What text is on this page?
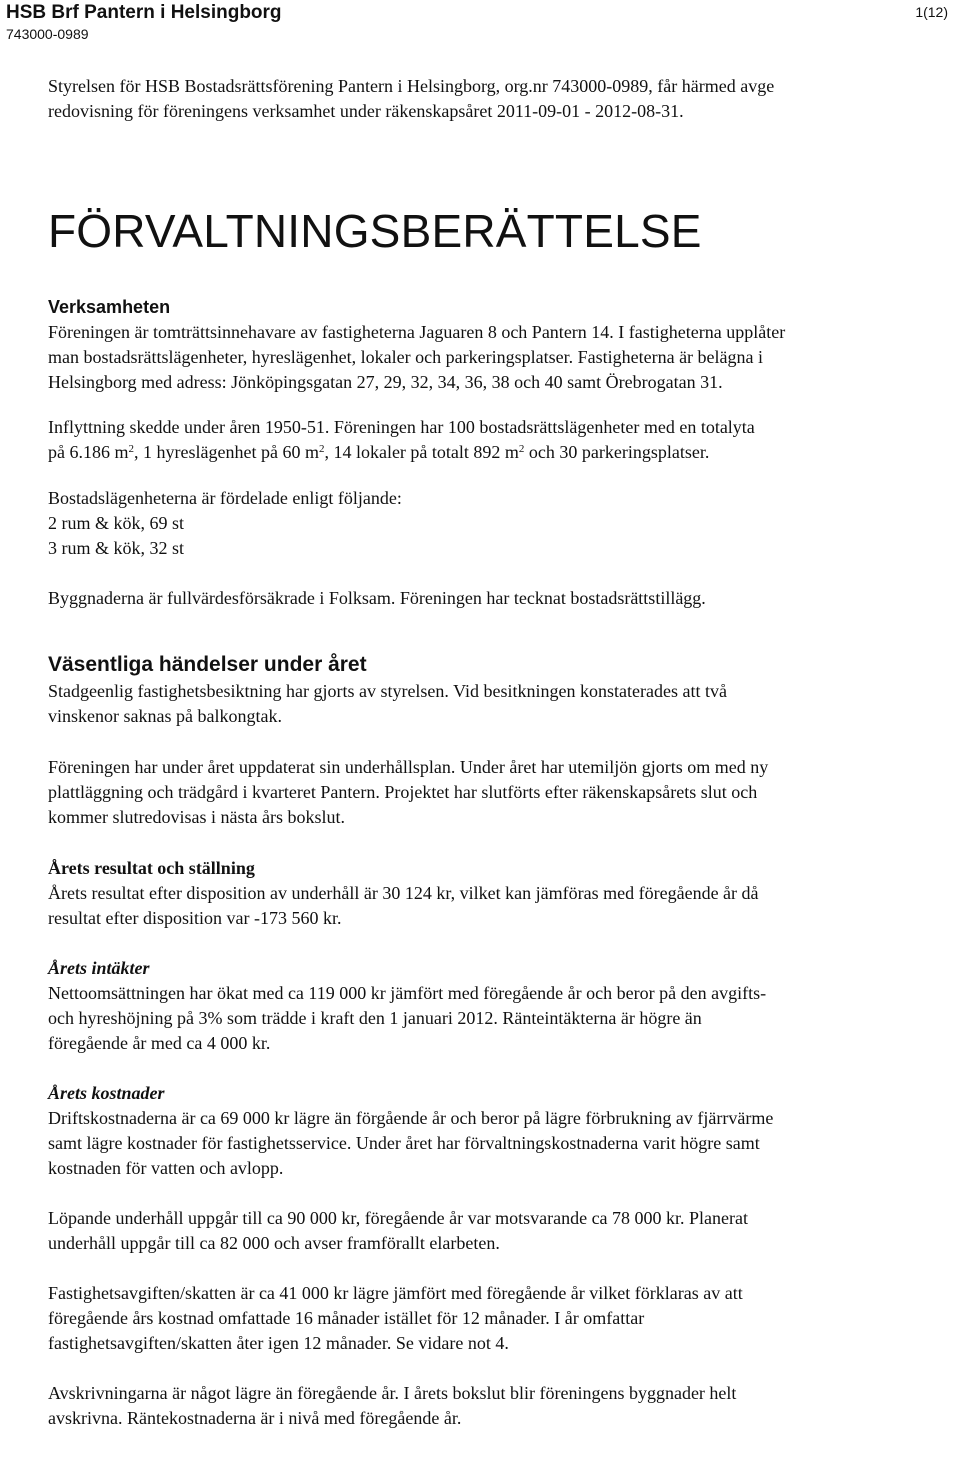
HSB Brf Pantern i Helsingborg
743000-0989
1(12)

Styrelsen för HSB Bostadsrättsförening Pantern i Helsingborg, org.nr 743000-0989, får härmed avge
redovisning för föreningens verksamhet under räkenskapsåret 2011-09-01 - 2012-08-31.

FÖRVALTNINGSBERÄTTELSE
Verksamheten

Föreningen är tomträttsinnehavare av fastigheterna Jaguaren 8 och Pantern 14. I fastigheterna upplåter
man bostadsrättslägenheter, hyreslägenhet, lokaler och parkeringsplatser. Fastigheterna är belägna i
Helsingborg med adress: Jönköpingsgatan 27, 29, 32, 34, 36, 38 och 40 samt Örebrogatan 31.

Inflyttning skedde under åren 1950-51. Föreningen har 100 bostadsrättslägenheter med en totalyta
på 6.186 $m^2$, 1 hyreslägenhet på 60 $m^2$, 14 lokaler på totalt 892 $m^2$ och 30 parkeringsplatser.

Bostadslägenheterna är fördelade enligt följande:
2 rum & kök, 69 st
3 rum & kök, 32 st

Byggnaderna är fullvärdesförsäkrade i Folksam. Föreningen har tecknat bostadsrättstillägg.

Väsentliga händelser under året

Stadgeenlig fastighetsbesiktning har gjorts av styrelsen. Vid besitkningen konstaterades att två
vinskenor saknas på balkongtak.

Föreningen har under året uppdaterat sin underhållsplan. Under året har utemiljön gjorts om med ny
plattläggning och trädgård i kvarteret Pantern. Projektet har slutförts efter räkenskapsårets slut och
kommer slutredovisas i nästa års bokslut.

Årets resultat och ställning

Årets resultat efter disposition av underhåll är 30 124 kr, vilket kan jämföras med föregående år då
resultat efter disposition var -173 560 kr.

Årets intäkter

Nettoomsättningen har ökat med ca 119 000 kr jämfört med föregående år och beror på den avgifts-
och hyreshöjning på 3% som trädde i kraft den 1 januari 2012. Ränteintäkterna är högre än
föregående år med ca 4 000 kr.

Årets kostnader

Driftskostnaderna är ca 69 000 kr lägre än förgående år och beror på lägre förbrukning av fjärrvärme
samt lägre kostnader för fastighetsservice. Under året har förvaltningskostnaderna varit högre samt
kostnaden för vatten och avlopp.

Löpande underhåll uppgår till ca 90 000 kr, föregående år var motsvarande ca 78 000 kr. Planerat
underhåll uppgår till ca 82 000 och avser framförallt elarbeten.

Fastighetsavgiften/skatten är ca 41 000 kr lägre jämfört med föregående år vilket förklaras av att
föregående års kostnad omfattade 16 månader istället för 12 månader. I år omfattar
fastighetsavgiften/skatten åter igen 12 månader. Se vidare not 4.

Avskrivningarna är något lägre än föregående år. I årets bokslut blir föreningens byggnader helt
avskrivna. Räntekostnaderna är i nivå med föregående år.
